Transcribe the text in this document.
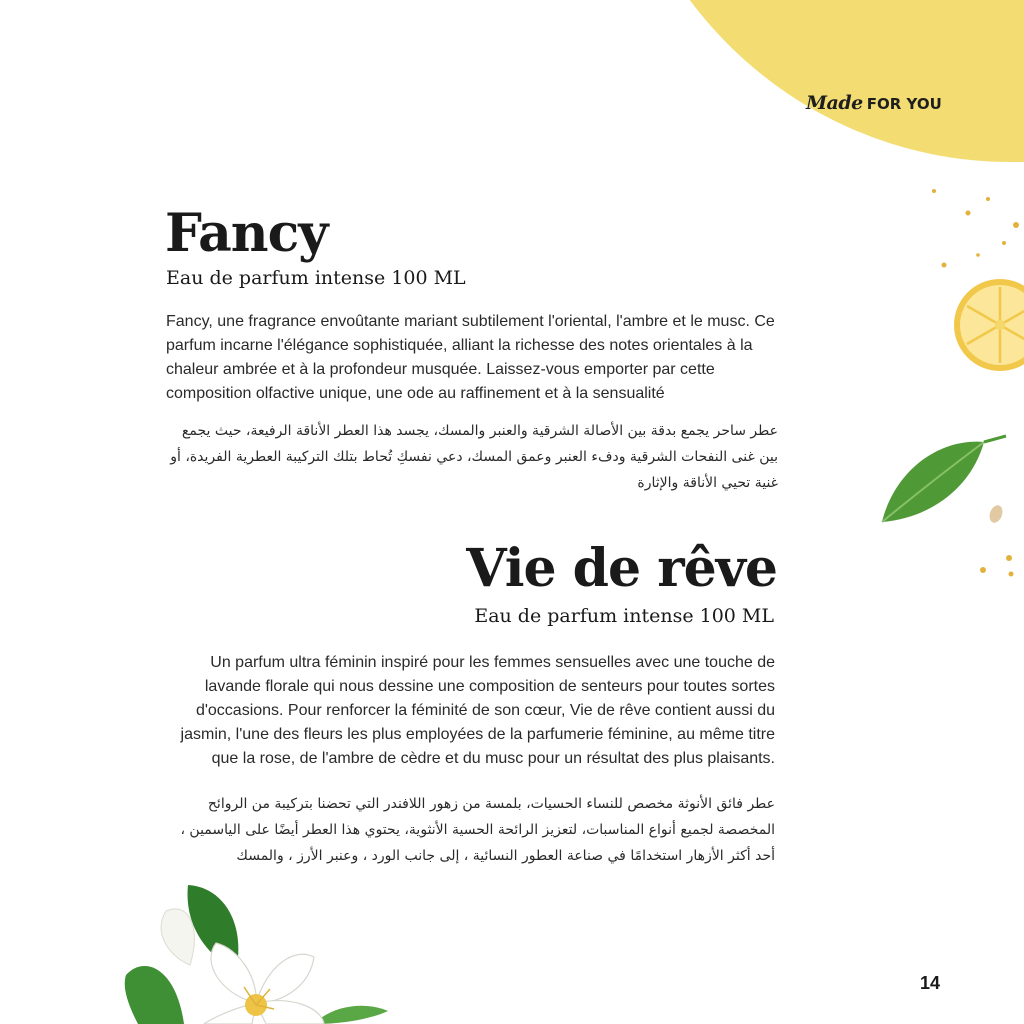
Made FOR YOU
Fancy

Eau de parfum intense 100 ML

Fancy, une fragrance envoûtante mariant subtilement l'oriental, l'ambre et le musc. Ce parfum incarne l'élégance sophistiquée, alliant la richesse des notes orientales à la chaleur ambrée et à la profondeur musquée. Laissez-vous emporter par cette composition olfactive unique, une ode au raffinement et à la sensualité

عطر ساحر يجمع بدقة بين الأصالة الشرقية والعنبر والمسك، يجسد هذا العطر الأناقة الرفيعة، حيث يجمع بين غنى النفحات الشرقية ودفء العنبر وعمق المسك، دعي نفسكِ تُحاط بتلك التركيبة العطرية الفريدة، أو غنية تحيي الأناقة والإثارة

Vie de rêve

Eau de parfum intense 100 ML

Un parfum ultra féminin inspiré pour les femmes sensuelles avec une touche de lavande florale qui nous dessine une composition de senteurs pour toutes sortes d'occasions. Pour renforcer la féminité de son cœur, Vie de rêve contient aussi du jasmin, l'une des fleurs les plus employées de la parfumerie féminine, au même titre que la rose, de l'ambre de cèdre et du musc pour un résultat des plus plaisants.

عطر فائق الأنوثة مخصص للنساء الحسيات، بلمسة من زهور اللافندر التي تحضنا بتركيبة من الروائح المخصصة لجميع أنواع المناسبات، لتعزيز الرائحة الحسية الأنثوية، يحتوي هذا العطر أيضًا على الياسمين ، أحد أكثر الأزهار استخدامًا في صناعة العطور النسائية ، إلى جانب الورد ، وعنبر الأرز ، والمسك

14
